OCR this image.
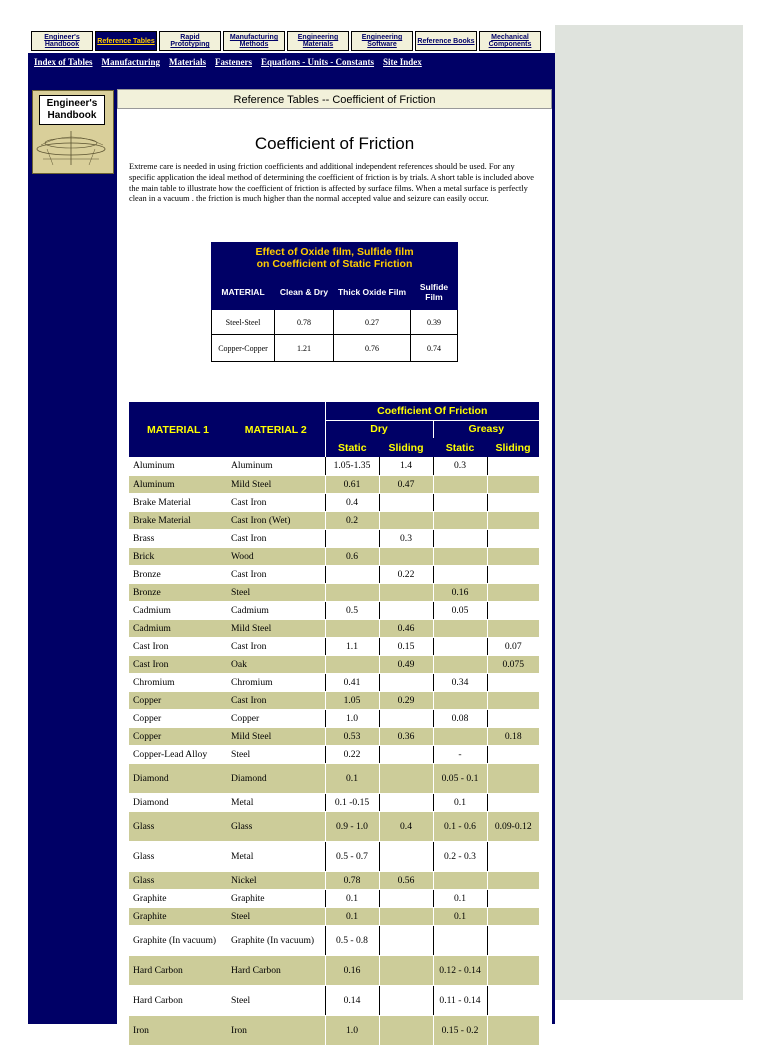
Engineer's Handbook	Reference Tables	Rapid Prototyping
Manufacturing Methods
Engineering Materials
Engineering Software	Reference Books	Mechanical Components
Index of Tables Manufacturing Materials Fasteners Equations - Units - Constants Site Index
Engineer's
Handbook
Reference Tables -- Coefficient of Friction
Coefficient of Friction
Extreme care is needed in using friction coefficients and additional independent references should be used. For any specific application the ideal method of determining the coefficient of friction is by trials. A short table is included above the main table to illustrate how the coefficient of friction is affected by surface films. When a metal surface is perfectly clean in a vacuum . the friction is much higher than the normal accepted value and seizure can easily occur.
Effect of Oxide film, Sulfide film
on Coefficient of Static Friction			

MATERIAL	Clean & Dry	Thick Oxide Film	Sulfide Film
Steel-Steel	0.78	0.27	0.39
Copper-Copper	1.21	0.76	0.74
MATERIAL 1	MATERIAL 2	Coefficient Of Friction			
		Dry		Greasy	
		Static	Sliding	Static	Sliding
Aluminum	Aluminum	1.05-1.35	1.4	0.3	
Aluminum	Mild Steel	0.61	0.47		
Brake Material	Cast Iron	0.4			
Brake Material	Cast Iron (Wet)	0.2			
Brass	Cast Iron		0.3		
Brick	Wood	0.6			
Bronze	Cast Iron		0.22		
Bronze	Steel			0.16	
Cadmium	Cadmium	0.5		0.05	
Cadmium	Mild Steel		0.46		
Cast Iron	Cast Iron	1.1	0.15		0.07
Cast Iron	Oak		0.49		0.075
Chromium	Chromium	0.41		0.34	
Copper	Cast Iron	1.05	0.29		
Copper	Copper	1.0		0.08	
Copper	Mild Steel	0.53	0.36		0.18
Copper-Lead Alloy	Steel	0.22		-	
Diamond	Diamond	0.1		0.05 - 0.1	
Diamond	Metal	0.1 -0.15		0.1	
Glass	Glass	0.9 - 1.0	0.4	0.1 - 0.6	0.09-0.12
Glass	Metal	0.5 - 0.7		0.2 - 0.3	
Glass	Nickel	0.78	0.56		
Graphite	Graphite	0.1		0.1	
Graphite	Steel	0.1		0.1	
Graphite (In vacuum)	Graphite (In vacuum)	0.5 - 0.8			
Hard Carbon	Hard Carbon	0.16		0.12 - 0.14	
Hard Carbon	Steel	0.14		0.11 - 0.14	
Iron	Iron	1.0		0.15 - 0.2	
